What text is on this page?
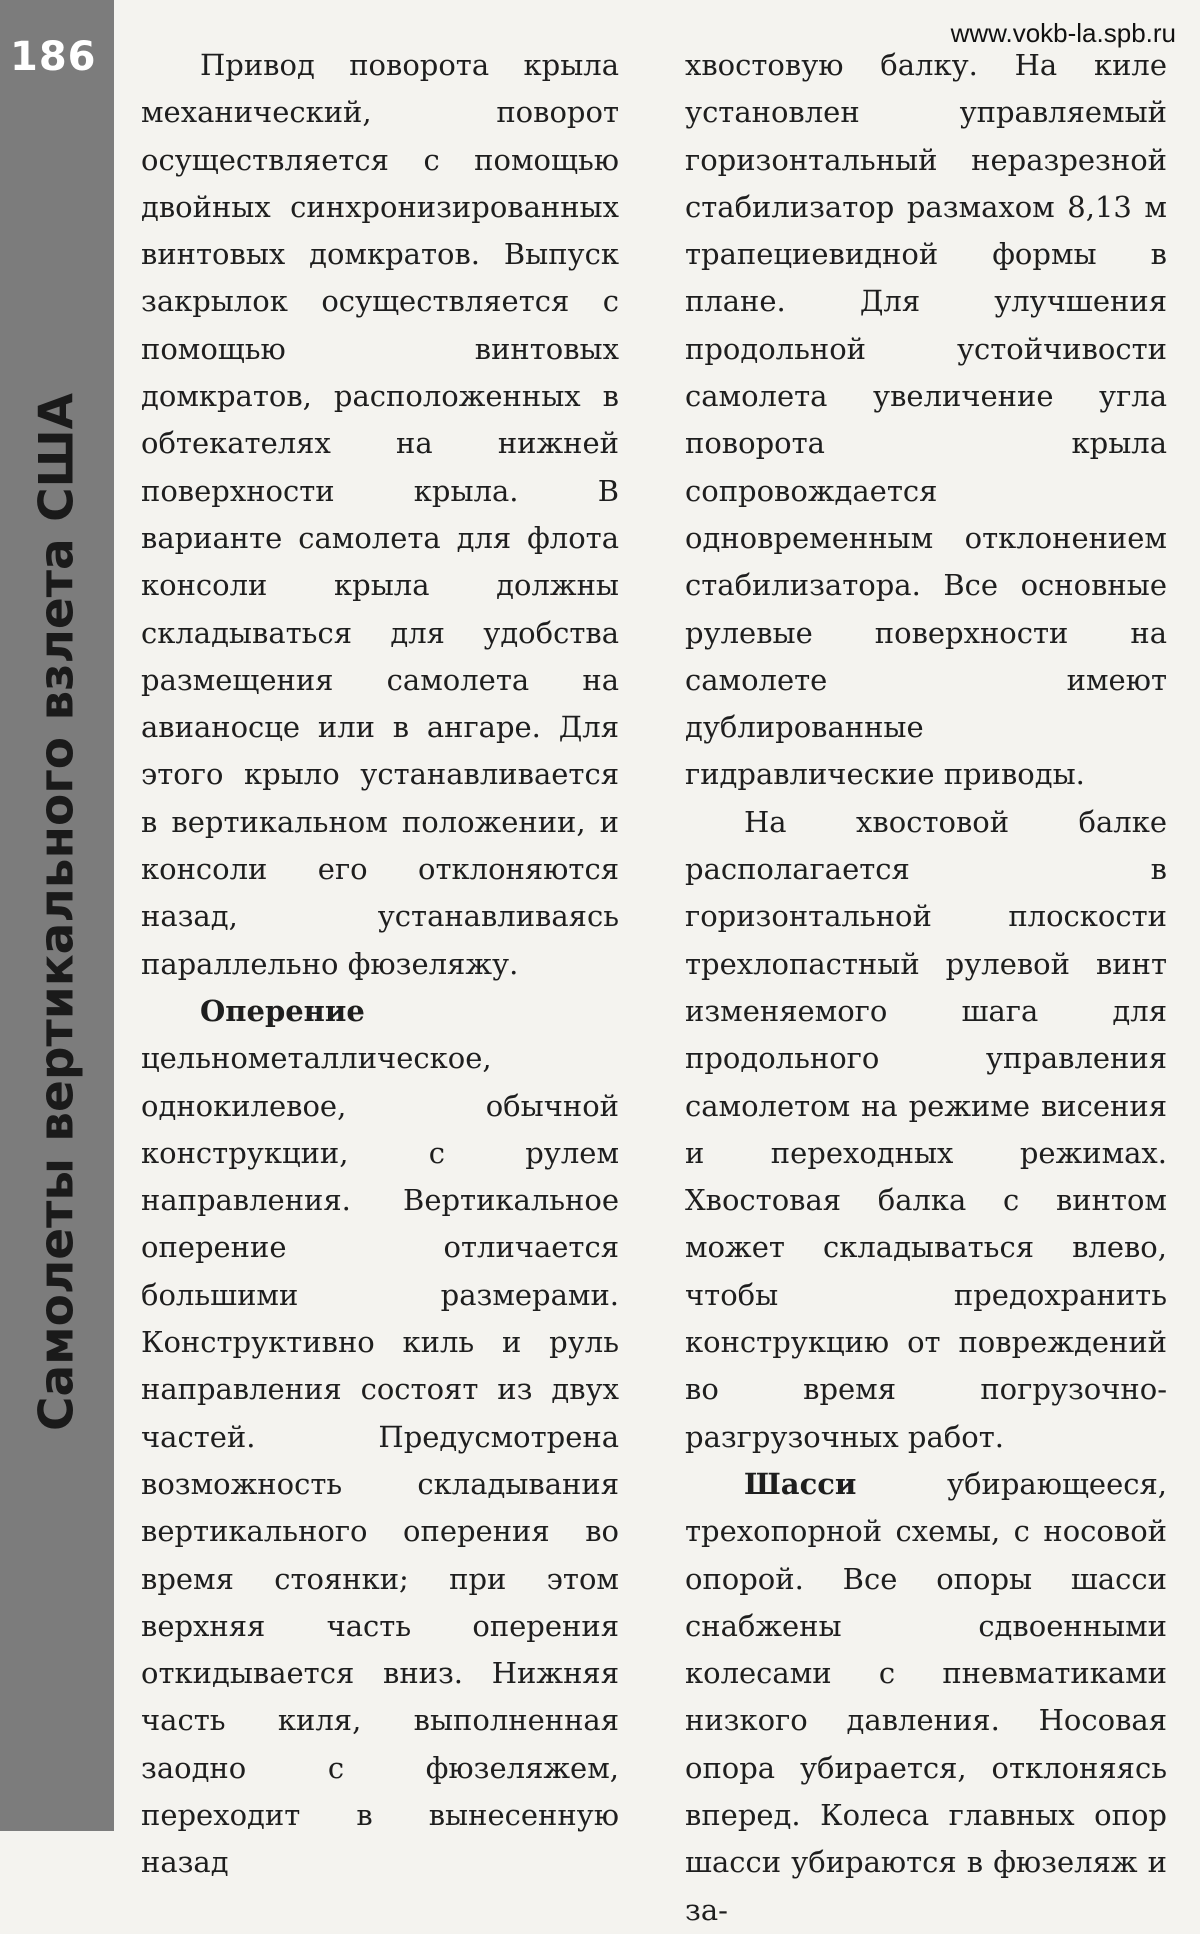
186
Самолеты вертикального взлета США
www.vokb-la.spb.ru

Привод поворота крыла механический, поворот осуществляется с помощью двойных синхронизированных винтовых домкратов. Выпуск закрылок осуществляется с помощью винтовых домкратов, расположенных в обтекателях на нижней поверхности крыла. В варианте самолета для флота консоли крыла должны складываться для удобства размещения самолета на авианосце или в ангаре. Для этого крыло устанавливается в вертикальном положении, и консоли его отклоняются назад, устанавливаясь параллельно фюзеляжу.

Оперение цельнометаллическое, однокилевое, обычной конструкции, с рулем направления. Вертикальное оперение отличается большими размерами. Конструктивно киль и руль направления состоят из двух частей. Предусмотрена возможность складывания вертикального оперения во время стоянки; при этом верхняя часть оперения откидывается вниз. Нижняя часть киля, выполненная заодно с фюзеляжем, переходит в вынесенную назад

хвостовую балку. На киле установлен управляемый горизонтальный неразрезной стабилизатор размахом 8,13 м трапециевидной формы в плане. Для улучшения продольной устойчивости самолета увеличение угла поворота крыла сопровождается одновременным отклонением стабилизатора. Все основные рулевые поверхности на самолете имеют дублированные гидравлические приводы.

На хвостовой балке располагается в горизонтальной плоскости трехлопастный рулевой винт изменяемого шага для продольного управления самолетом на режиме висения и переходных режимах. Хвостовая балка с винтом может складываться влево, чтобы предохранить конструкцию от повреждений во время погрузочно-разгрузочных работ.

Шасси убирающееся, трехопорной схемы, с носовой опорой. Все опоры шасси снабжены сдвоенными колесами с пневматиками низкого давления. Носовая опора убирается, отклоняясь вперед. Колеса главных опор шасси убираются в фюзеляж и за-
